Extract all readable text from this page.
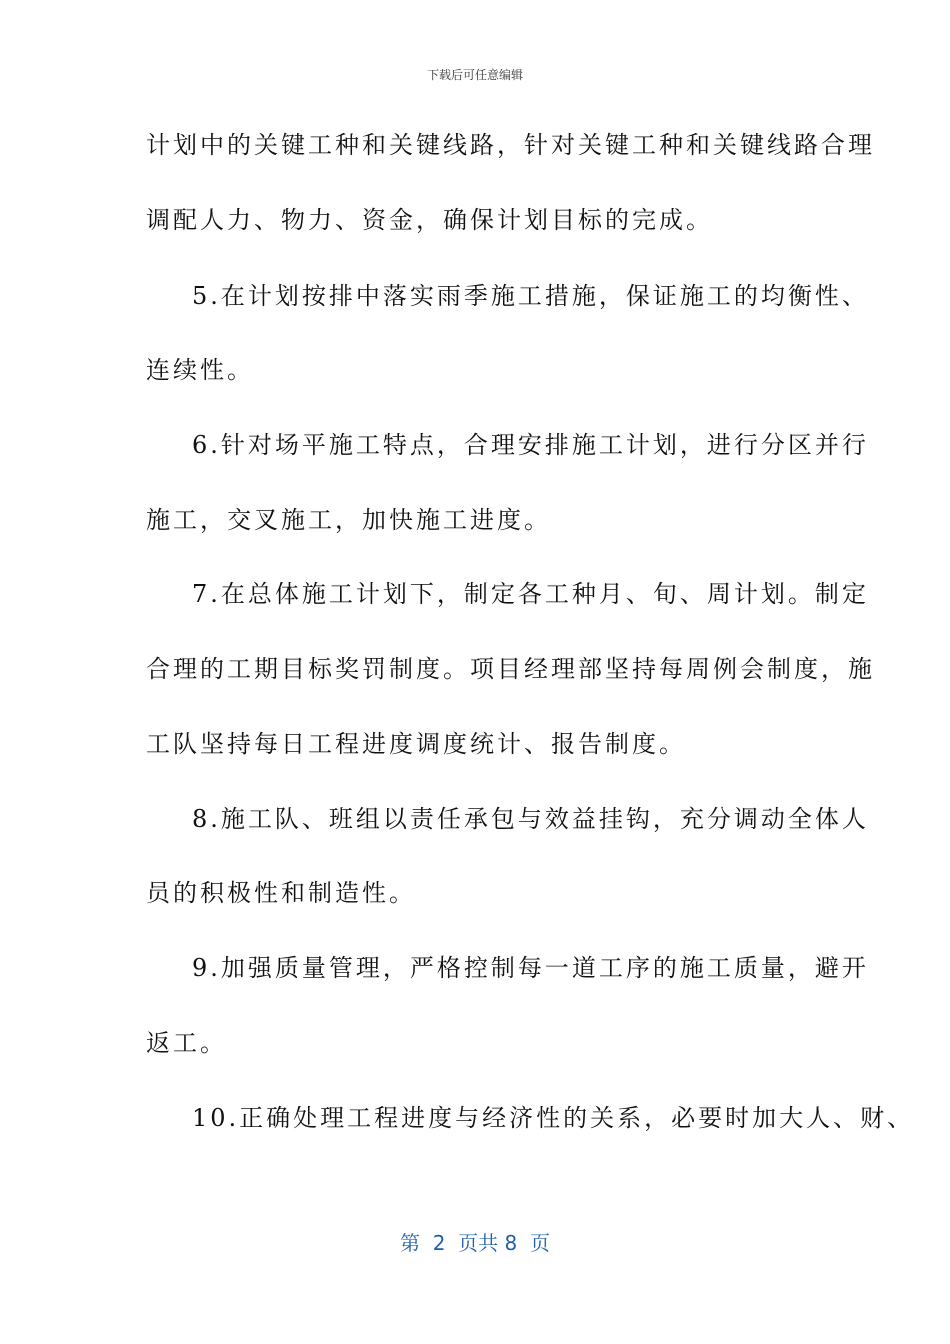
下载后可任意编辑
计划中的关键工种和关键线路，针对关键工种和关键线路合理
调配人力、物力、资金，确保计划目标的完成。
5.在计划按排中落实雨季施工措施，保证施工的均衡性、
连续性。
6.针对场平施工特点，合理安排施工计划，进行分区并行
施工，交叉施工，加快施工进度。
7.在总体施工计划下，制定各工种月、旬、周计划。制定
合理的工期目标奖罚制度。项目经理部坚持每周例会制度，施
工队坚持每日工程进度调度统计、报告制度。
8.施工队、班组以责任承包与效益挂钩，充分调动全体人
员的积极性和制造性。
9.加强质量管理，严格控制每一道工序的施工质量，避开
返工。
10.正确处理工程进度与经济性的关系，必要时加大人、财、
第  2  页共 8  页
